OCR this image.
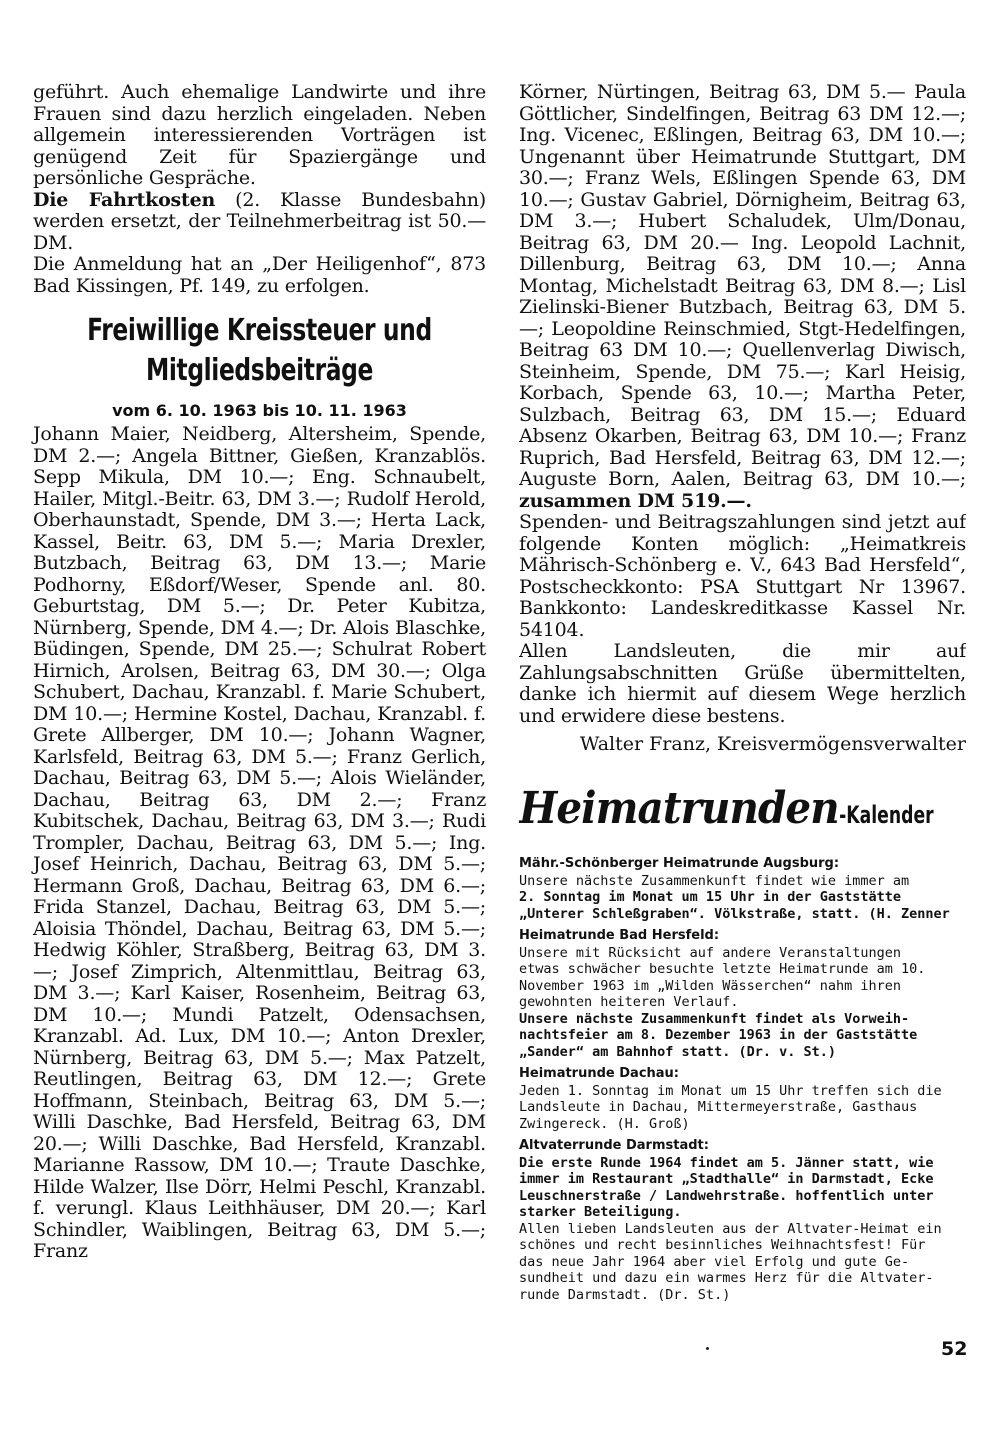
geführt. Auch ehemalige Landwirte und ihre Frauen sind dazu herzlich eingeladen. Neben allgemein interessierenden Vorträgen ist genügend Zeit für Spaziergänge und persönliche Gespräche.

Die Fahrtkosten (2. Klasse Bundesbahn) werden ersetzt, der Teilnehmerbeitrag ist 50.— DM.

Die Anmeldung hat an „Der Heiligenhof“, 873 Bad Kissingen, Pf. 149, zu erfolgen.

Freiwillige Kreissteuer und
Mitgliedsbeiträge
vom 6. 10. 1963 bis 10. 11. 1963

Johann Maier, Neidberg, Altersheim, Spende, DM 2.—; Angela Bittner, Gießen, Kranzablös. Sepp Mikula, DM 10.—; Eng. Schnaubelt, Hailer, Mitgl.-Beitr. 63, DM 3.—; Rudolf Herold, Oberhaunstadt, Spende, DM 3.—; Herta Lack, Kassel, Beitr. 63, DM 5.—; Maria Drexler, Butzbach, Beitrag 63, DM 13.—; Marie Podhorny, Eßdorf/Weser, Spende anl. 80. Geburtstag, DM 5.—; Dr. Peter Kubitza, Nürnberg, Spende, DM 4.—; Dr. Alois Blaschke, Büdingen, Spende, DM 25.—; Schulrat Robert Hirnich, Arolsen, Beitrag 63, DM 30.—; Olga Schubert, Dachau, Kranzabl. f. Marie Schubert, DM 10.—; Hermine Kostel, Dachau, Kranzabl. f. Grete Allberger, DM 10.—; Johann Wagner, Karlsfeld, Beitrag 63, DM 5.—; Franz Gerlich, Dachau, Beitrag 63, DM 5.—; Alois Wieländer, Dachau, Beitrag 63, DM 2.—; Franz Kubitschek, Dachau, Beitrag 63, DM 3.—; Rudi Trompler, Dachau, Beitrag 63, DM 5.—; Ing. Josef Heinrich, Dachau, Beitrag 63, DM 5.—; Hermann Groß, Dachau, Beitrag 63, DM 6.—; Frida Stanzel, Dachau, Beitrag 63, DM 5.—; Aloisia Thöndel, Dachau, Beitrag 63, DM 5.—; Hedwig Köhler, Straßberg, Beitrag 63, DM 3.—; Josef Zimprich, Altenmittlau, Beitrag 63, DM 3.—; Karl Kaiser, Rosenheim, Beitrag 63, DM 10.—; Mundi Patzelt, Odensachsen, Kranzabl. Ad. Lux, DM 10.—; Anton Drexler, Nürnberg, Beitrag 63, DM 5.—; Max Patzelt, Reutlingen, Beitrag 63, DM 12.—; Grete Hoffmann, Steinbach, Beitrag 63, DM 5.—; Willi Daschke, Bad Hersfeld, Beitrag 63, DM 20.—; Willi Daschke, Bad Hersfeld, Kranzabl. Marianne Rassow, DM 10.—; Traute Daschke, Hilde Walzer, Ilse Dörr, Helmi Peschl, Kranzabl. f. verungl. Klaus Leithhäuser, DM 20.—; Karl Schindler, Waiblingen, Beitrag 63, DM 5.—; Franz

Körner, Nürtingen, Beitrag 63, DM 5.— Paula Göttlicher, Sindelfingen, Beitrag 63 DM 12.—; Ing. Vicenec, Eßlingen, Beitrag 63, DM 10.—; Ungenannt über Heimatrunde Stuttgart, DM 30.—; Franz Wels, Eßlingen Spende 63, DM 10.—; Gustav Gabriel, Dörnigheim, Beitrag 63, DM 3.—; Hubert Schaludek, Ulm/Donau, Beitrag 63, DM 20.— Ing. Leopold Lachnit, Dillenburg, Beitrag 63, DM 10.—; Anna Montag, Michelstadt Beitrag 63, DM 8.—; Lisl Zielinski-Biener Butzbach, Beitrag 63, DM 5.—; Leopoldine Reinschmied, Stgt-Hedelfingen, Beitrag 63 DM 10.—; Quellenverlag Diwisch, Steinheim, Spende, DM 75.—; Karl Heisig, Korbach, Spende 63, 10.—; Martha Peter, Sulzbach, Beitrag 63, DM 15.—; Eduard Absenz Okarben, Beitrag 63, DM 10.—; Franz Ruprich, Bad Hersfeld, Beitrag 63, DM 12.—; Auguste Born, Aalen, Beitrag 63, DM 10.—; zusammen DM 519.—.

Spenden- und Beitragszahlungen sind jetzt auf folgende Konten möglich: „Heimatkreis Mährisch-Schönberg e. V., 643 Bad Hersfeld“, Postscheckkonto: PSA Stuttgart Nr 13967. Bankkonto: Landeskreditkasse Kassel Nr. 54104.

Allen Landsleuten, die mir auf Zahlungsabschnitten Grüße übermittelten, danke ich hiermit auf diesem Wege herzlich und erwidere diese bestens.

Walter Franz, Kreisvermögensverwalter

Heimatrunden-Kalender
Mähr.-Schönberger Heimatrunde Augsburg:
Unsere nächste Zusammenkunft findet wie immer am
2. Sonntag im Monat um 15 Uhr in der Gaststätte
„Unterer Schleßgraben“. Völkstraße, statt. (H. Zenner
Heimatrunde Bad Hersfeld:
Unsere mit Rücksicht auf andere Veranstaltungen
etwas schwächer besuchte letzte Heimatrunde am 10.
November 1963 im „Wilden Wässerchen“ nahm ihren
gewohnten heiteren Verlauf.
Unsere nächste Zusammenkunft findet als Vorweih-
nachtsfeier am 8. Dezember 1963 in der Gaststätte
„Sander“ am Bahnhof statt. (Dr. v. St.)
Heimatrunde Dachau:
Jeden 1. Sonntag im Monat um 15 Uhr treffen sich die
Landsleute in Dachau, Mittermeyerstraße, Gasthaus
Zwingereck. (H. Groß)
Altvaterrunde Darmstadt:
Die erste Runde 1964 findet am 5. Jänner statt, wie
immer im Restaurant „Stadthalle“ in Darmstadt, Ecke
Leuschnerstraße / Landwehrstraße. hoffentlich unter
starker Beteiligung.
Allen lieben Landsleuten aus der Altvater-Heimat ein
schönes und recht besinnliches Weihnachtsfest! Für
das neue Jahr 1964 aber viel Erfolg und gute Ge-
sundheit und dazu ein warmes Herz für die Altvater-
runde Darmstadt. (Dr. St.)
52
